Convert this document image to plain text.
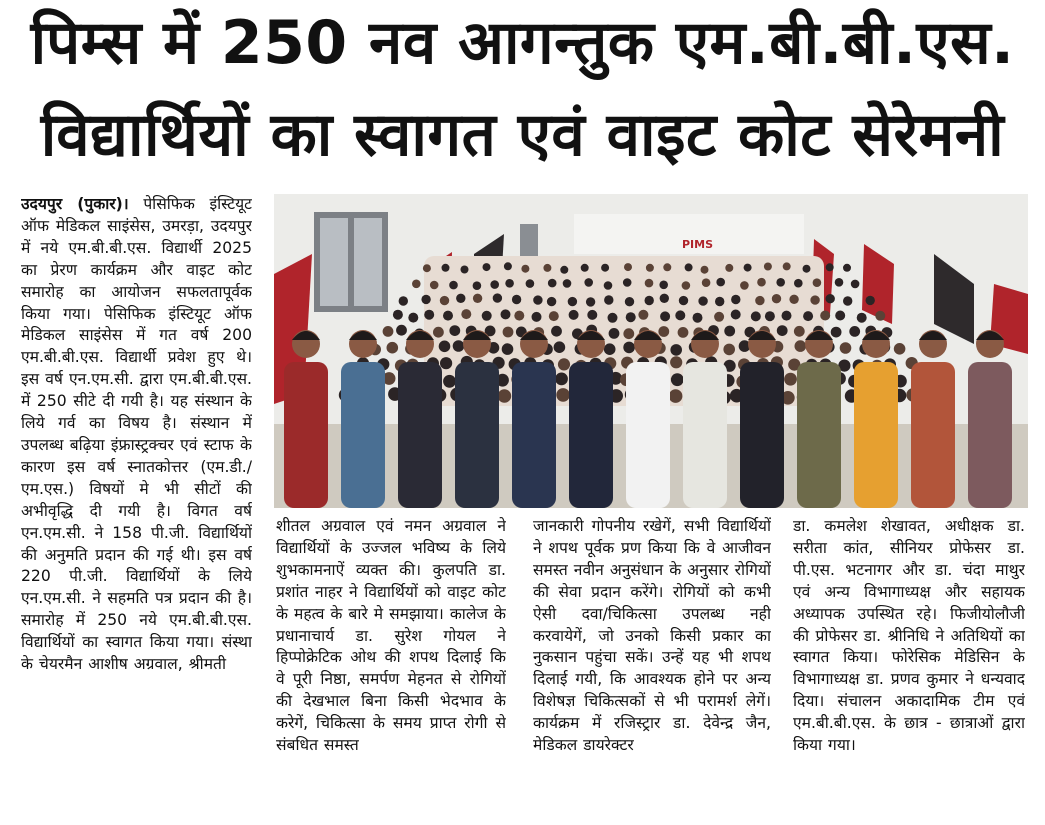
पिम्स में 250 नव आगन्तुक एम.बी.बी.एस.
विद्यार्थियों का स्वागत एवं वाइट कोट सेरेमनी
उदयपुर (पुकार)। पेसिफिक इंस्टियूट ऑफ मेडिकल साइंसेस, उमरड़ा, उदयपुर में नये एम.बी.बी.एस. विद्यार्थी 2025 का प्रेरण कार्यक्रम और वाइट कोट समारोह का आयोजन सफलतापूर्वक किया गया। पेसिफिक इंस्टियूट ऑफ मेडिकल साइंसेस में गत वर्ष 200 एम.बी.बी.एस. विद्यार्थी प्रवेश हुए थे। इस वर्ष एन.एम.सी. द्वारा एम.बी.बी.एस. में 250 सीटे दी गयी है। यह संस्थान के लिये गर्व का विषय है। संस्थान में उपलब्ध बढ़िया इंफ्रास्ट्रक्चर एवं स्टाफ के कारण इस वर्ष स्नातकोत्तर (एम.डी./एम.एस.) विषयों मे भी सीटों की अभीवृद्धि दी गयी है। विगत वर्ष एन.एम.सी. ने 158 पी.जी. विद्यार्थियों की अनुमति प्रदान की गई थी। इस वर्ष 220 पी.जी. विद्यार्थियों के लिये एन.एम.सी. ने सहमति पत्र प्रदान की है। समारोह में 250 नये एम.बी.बी.एस. विद्यार्थियों का स्वागत किया गया। संस्था के चेयरमैन आशीष अग्रवाल, श्रीमती
PIMS
शीतल अग्रवाल एवं नमन अग्रवाल ने विद्यार्थियों के उज्जल भविष्य के लिये शुभकामनाऐं व्यक्त की। कुलपति डा. प्रशांत नाहर ने विद्यार्थियों को वाइट कोट के महत्व के बारे मे समझाया। कालेज के प्रधानाचार्य डा. सुरेश गोयल ने हिप्पोक्रेटिक ओथ की शपथ दिलाई कि वे पूरी निष्ठा, समर्पण मेहनत से रोगियों की देखभाल बिना किसी भेदभाव के करेगें, चिकित्सा के समय प्राप्त रोगी से संबधित समस्त
जानकारी गोपनीय रखेगें, सभी विद्यार्थियों ने शपथ पूर्वक प्रण किया कि वे आजीवन समस्त नवीन अनुसंधान के अनुसार रोगियों की सेवा प्रदान करेंगे। रोगियों को कभी ऐसी दवा/चिकित्सा उपलब्ध नही करवायेगें, जो उनको किसी प्रकार का नुकसान पहुंचा सकें। उन्हें यह भी शपथ दिलाई गयी, कि आवश्यक होने पर अन्य विशेषज्ञ चिकित्सकों से भी परामर्श लेगें। कार्यक्रम में रजिस्ट्रार डा. देवेन्द्र जैन, मेडिकल डायरेक्टर
डा. कमलेश शेखावत, अधीक्षक डा. सरीता कांत, सीनियर प्रोफेसर डा. पी.एस. भटनागर और डा. चंदा माथुर एवं अन्य विभागाध्यक्ष और सहायक अध्यापक उपस्थित रहे। फिजीयोलौजी की प्रोफेसर डा. श्रीनिधि ने अतिथियों का स्वागत किया। फोरेसिक मेडिसिन के विभागाध्यक्ष डा. प्रणव कुमार ने धन्यवाद दिया। संचालन अकादामिक टीम एवं एम.बी.बी.एस. के छात्र - छात्राओं द्वारा किया गया।
